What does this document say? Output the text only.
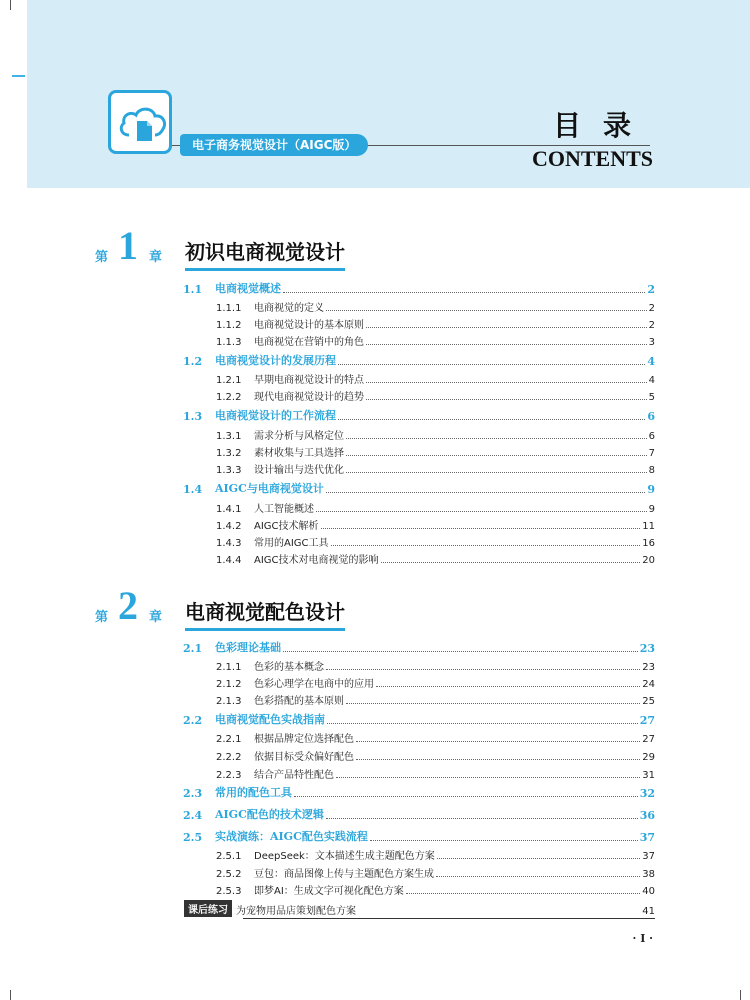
电子商务视觉设计（AIGC版）
目录
CONTENTS
第 1 章 初识电商视觉设计
1.1	电商视觉概述	2
1.1.1	电商视觉的定义	2
1.1.2	电商视觉设计的基本原则	2
1.1.3	电商视觉在营销中的角色	3
1.2	电商视觉设计的发展历程	4
1.2.1	早期电商视觉设计的特点	4
1.2.2	现代电商视觉设计的趋势	5
1.3	电商视觉设计的工作流程	6
1.3.1	需求分析与风格定位	6
1.3.2	素材收集与工具选择	7
1.3.3	设计输出与迭代优化	8
1.4	AIGC与电商视觉设计	9
1.4.1	人工智能概述	9
1.4.2	AIGC技术解析	11
1.4.3	常用的AIGC工具	16
1.4.4	AIGC技术对电商视觉的影响	20
第 2 章 电商视觉配色设计
2.1	色彩理论基础	23
2.1.1	色彩的基本概念	23
2.1.2	色彩心理学在电商中的应用	24
2.1.3	色彩搭配的基本原则	25
2.2	电商视觉配色实战指南	27
2.2.1	根据品牌定位选择配色	27
2.2.2	依据目标受众偏好配色	29
2.2.3	结合产品特性配色	31
2.3	常用的配色工具	32
2.4	AIGC配色的技术逻辑	36
2.5	实战演练：AIGC配色实践流程	37
2.5.1	DeepSeek：文本描述生成主题配色方案	37
2.5.2	豆包：商品图像上传与主题配色方案生成	38
2.5.3	即梦AI：生成文字可视化配色方案	40
课后练习 为宠物用品店策划配色方案	41
· I ·
